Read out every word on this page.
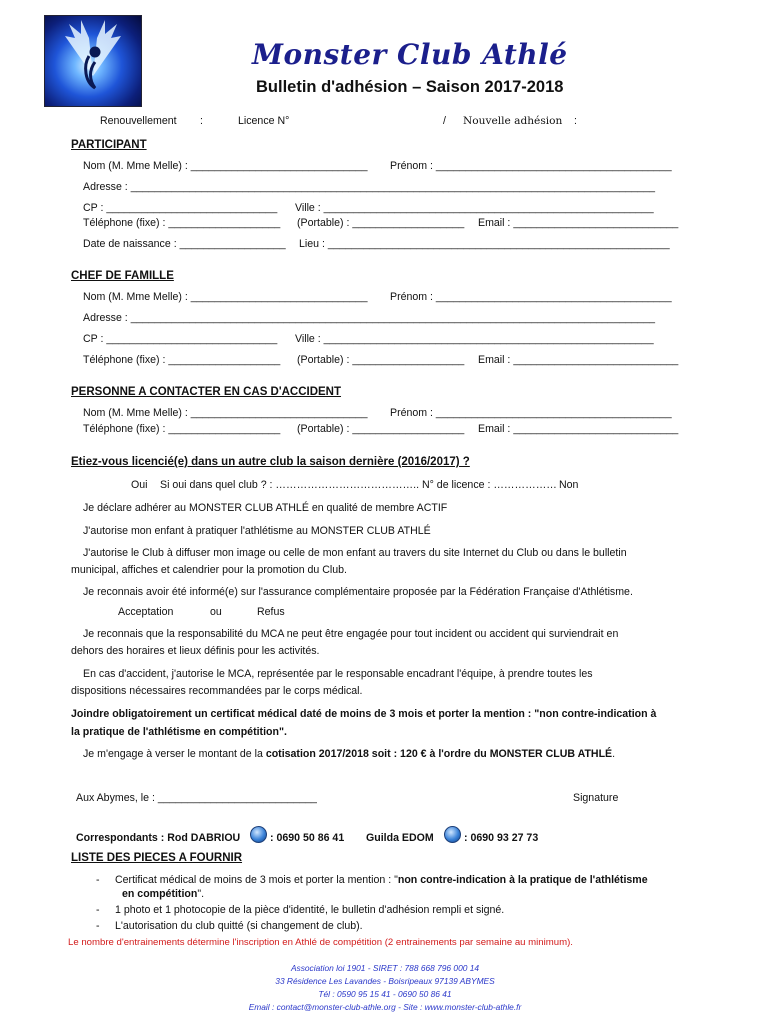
Monster Club Athlé
Bulletin d'adhésion – Saison 2017-2018
Renouvellement :	Licence N°	/ Nouvelle adhésion :
PARTICIPANT
Nom (M. Mme Melle) : ______________________________ Prénom : ________________________________________
Adresse : _________________________________________________________________________________________
CP : _____________________________ Ville : ________________________________________________________
Téléphone (fixe) : ___________________ (Portable) : ___________________ Email : ____________________________
Date de naissance : __________________ Lieu : __________________________________________________________
CHEF DE FAMILLE
Nom (M. Mme Melle) : ______________________________ Prénom : ________________________________________
Adresse : _________________________________________________________________________________________
CP : _____________________________ Ville : ________________________________________________________
Téléphone (fixe) : ___________________ (Portable) : ___________________ Email : ____________________________
PERSONNE A CONTACTER EN CAS D'ACCIDENT
Nom (M. Mme Melle) : ______________________________ Prénom : ________________________________________
Téléphone (fixe) : ___________________ (Portable) : ___________________ Email : ____________________________
Etiez-vous licencié(e) dans un autre club la saison dernière (2016/2017) ?
Oui Si oui dans quel club ? : ………………………………….. N° de licence : ……………… Non
Je déclare adhérer au MONSTER CLUB ATHLÉ en qualité de membre ACTIF
J'autorise mon enfant à pratiquer l'athlétisme au MONSTER CLUB ATHLÉ
J'autorise le Club à diffuser mon image ou celle de mon enfant au travers du site Internet du Club ou dans le bulletin
municipal, affiches et calendrier pour la promotion du Club.
Je reconnais avoir été informé(e) sur l'assurance complémentaire proposée par la Fédération Française d'Athlétisme.
Acceptation	ou	Refus
Je reconnais que la responsabilité du MCA ne peut être engagée pour tout incident ou accident qui surviendrait en
dehors des horaires et lieux définis pour les activités.
En cas d'accident, j'autorise le MCA, représentée par le responsable encadrant l'équipe, à prendre toutes les
dispositions nécessaires recommandées par le corps médical.
Joindre obligatoirement un certificat médical daté de moins de 3 mois et porter la mention : "non contre-indication à
la pratique de l'athlétisme en compétition".
Je m'engage à verser le montant de la cotisation 2017/2018 soit : 120 € à l'ordre du MONSTER CLUB ATHLÉ.
Aux Abymes, le : ___________________________	Signature
Correspondants : Rod DABRIOU	: 0690 50 86 41 Guilda EDOM	: 0690 93 27 73
LISTE DES PIECES A FOURNIR
- Certificat médical de moins de 3 mois et porter la mention : "non contre-indication à la pratique de l'athlétisme
en compétition".
- 1 photo et 1 photocopie de la pièce d'identité, le bulletin d'adhésion rempli et signé.
- L'autorisation du club quitté (si changement de club).
Le nombre d'entrainements détermine l'inscription en Athlé de compétition (2 entrainements par semaine au minimum).
Association loi 1901 - SIRET : 788 668 796 000 14
33 Résidence Les Lavandes - Boisripeaux 97139 ABYMES
Tél : 0590 95 15 41 - 0690 50 86 41
Email : contact@monster-club-athle.org - Site : www.monster-club-athle.fr
